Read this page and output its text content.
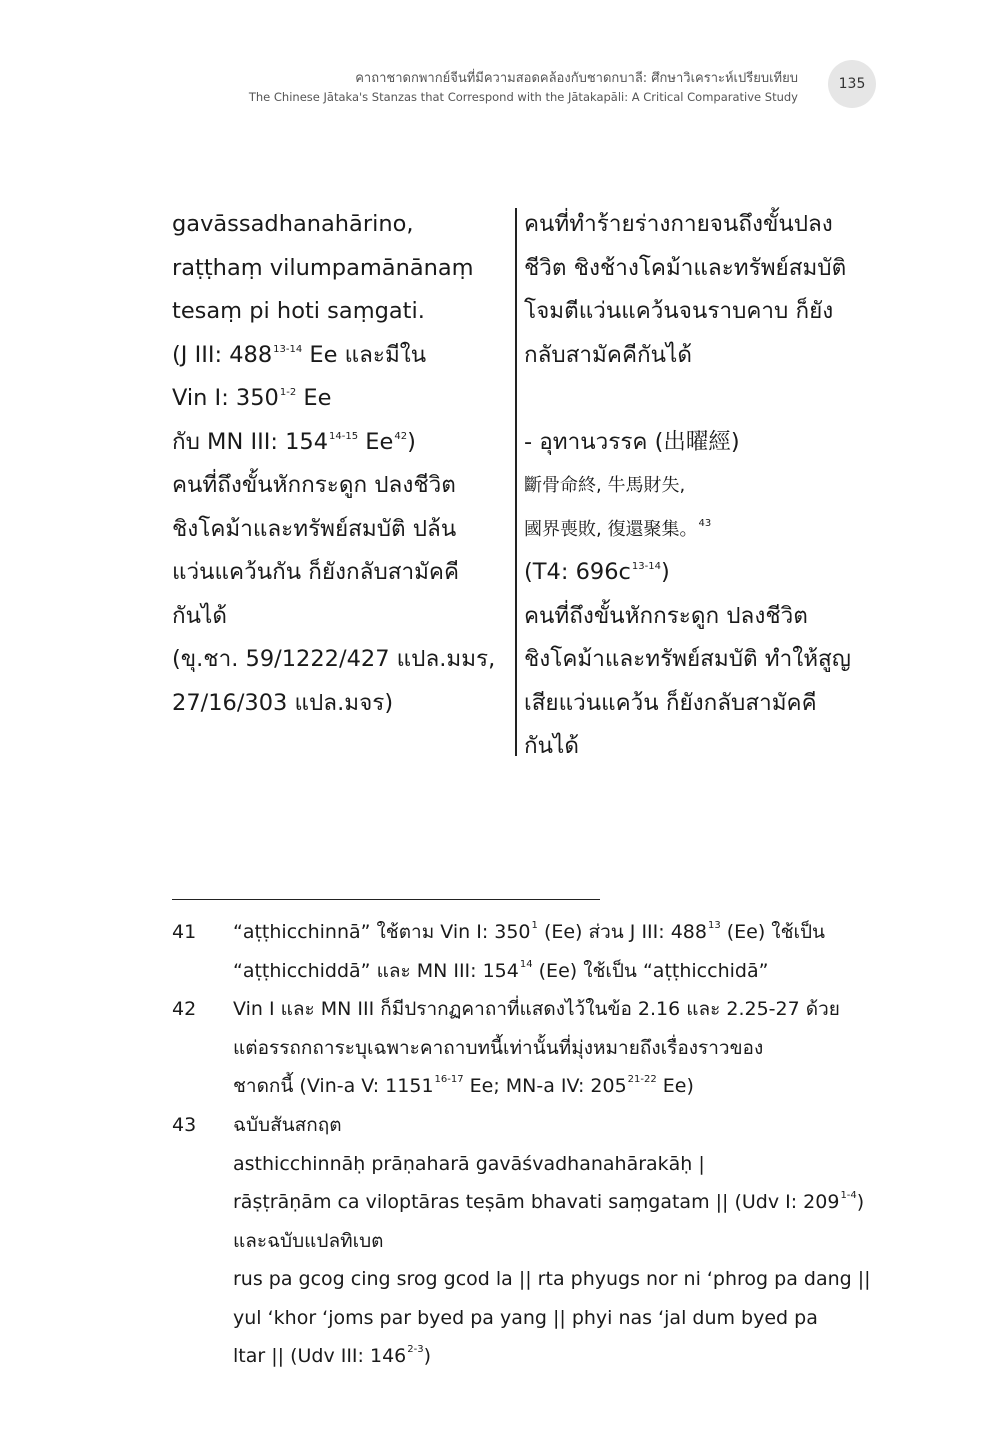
คาถาชาดกพากย์จีนที่มีความสอดคล้องกับชาดกบาลี: ศึกษาวิเคราะห์เปรียบเทียบ
The Chinese Jātaka's Stanzas that Correspond with the Jātakapāli: A Critical Comparative Study
135
gavāssadhanahārino,
raṭṭhaṃ vilumpamānānaṃ
tesaṃ pi hoti saṃgati.
(J III: 488$^{13-14}$ Ee และมีใน
Vin I: 350$^{1-2}$ Ee
กับ MN III: 154$^{14-15}$ Ee$^{42}$)
คนที่ถึงขั้นหักกระดูก ปลงชีวิต
ชิงโคม้าและทรัพย์สมบัติ ปล้น
แว่นแคว้นกัน ก็ยังกลับสามัคคี
กันได้
(ขุ.ชา. 59/1222/427 แปล.มมร,
27/16/303 แปล.มจร)
คนที่ทำร้ายร่างกายจนถึงขั้นปลง
ชีวิต ชิงช้างโคม้าและทรัพย์สมบัติ
โจมตีแว่นแคว้นจนราบคาบ ก็ยัง
กลับสามัคคีกันได้
- อุทานวรรค (出曜經)
斷骨命終, 牛馬財失,
國界喪敗, 復還聚集。$^{43}$
(T4: $696c^{13-14}$)
คนที่ถึงขั้นหักกระดูก ปลงชีวิต
ชิงโคม้าและทรัพย์สมบัติ ทำให้สูญ
เสียแว่นแคว้น ก็ยังกลับสามัคคี
กันได้
41	“aṭṭhicchinnā” ใช้ตาม Vin I: $350^1$ (Ee) ส่วน J III: $488^{13}$ (Ee) ใช้เป็น
“aṭṭhicchiddā” และ MN III: $154^{14}$ (Ee) ใช้เป็น “aṭṭhicchidā”
42	Vin I และ MN III ก็มีปรากฏคาถาที่แสดงไว้ในข้อ 2.16 และ 2.25-27 ด้วย
แต่อรรถกถาระบุเฉพาะคาถาบทนี้เท่านั้นที่มุ่งหมายถึงเรื่องราวของ
ชาดกนี้ (Vin-a V: 1151$^{16-17}$ Ee; MN-a IV: 205$^{21-22}$ Ee)
43	ฉบับสันสกฤต
asthicchinnāḥ prāṇaharā gavāśvadhanahārakāḥ |
rāṣṭrāṇām ca viloptāras teṣām bhavati saṃgatam || (Udv I: 209$^{1-4}$)
และฉบับแปลทิเบต
rus pa gcog cing srog gcod la || rta phyugs nor ni ‘phrog pa dang ||
yul ‘khor ‘joms par byed pa yang || phyi nas ‘jal dum byed pa
ltar || (Udv III: 146$^{2-3}$)
